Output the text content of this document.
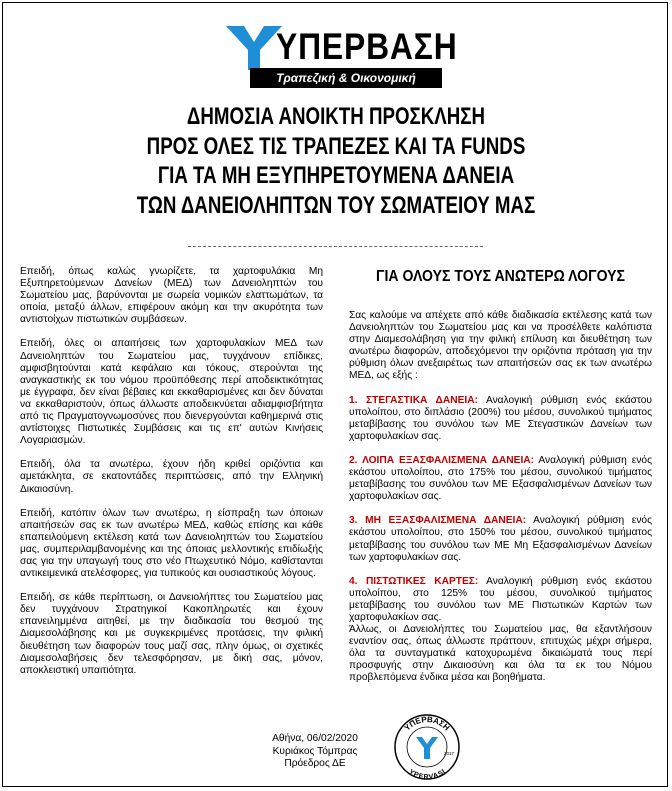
ΥΠΕΡΒΑΣΗ
Τραπεζική & Οικονομική Δικαιοσύνη
ΔΗΜΟΣΙΑ ΑΝΟΙΚΤΗ ΠΡΟΣΚΛΗΣΗ
ΠΡΟΣ ΟΛΕΣ ΤΙΣ ΤΡΑΠΕΖΕΣ ΚΑΙ ΤΑ FUNDS
ΓΙΑ ΤΑ ΜΗ ΕΞΥΠΗΡΕΤΟΥΜΕΝΑ ΔΑΝΕΙΑ
ΤΩΝ ΔΑΝΕΙΟΛΗΠΤΩΝ ΤΟΥ ΣΩΜΑΤΕΙΟΥ ΜΑΣ

Επειδή, όπως καλώς γνωρίζετε, τα χαρτοφυλάκια Μη Εξυπηρετούμενων Δανείων (ΜΕΔ) των Δανειοληπτών του Σωματείου μας, βαρύνονται με σωρεία νομικών ελαττωμάτων, τα οποία, μεταξύ άλλων, επιφέρουν ακόμη και την ακυρότητα των αντιστοίχων πιστωτικών συμβάσεων.

Επειδή, όλες οι απαιτήσεις των χαρτοφυλακίων ΜΕΔ των Δανειοληπτών του Σωματείου μας, τυγχάνουν επίδικες, αμφισβητούνται κατά κεφάλαιο και τόκους, στερούνται της αναγκαστικής εκ του νόμου προϋπόθεσης περί αποδεικτικότητας με έγγραφα, δεν είναι βέβαιες και εκκαθαρισμένες και δεν δύναται να εκκαθαριστούν, όπως άλλωστε αποδεικνύεται αδιαμφισβήτητα από τις Πραγματογνωμοσύνες που διενεργούνται καθημερινά στις αντίστοιχες Πιστωτικές Συμβάσεις και τις επ' αυτών Κινήσεις Λογαριασμών.

Επειδή, όλα τα ανωτέρω, έχουν ήδη κριθεί οριζόντια και αμετάκλητα, σε εκατοντάδες περιπτώσεις, από την Ελληνική Δικαιοσύνη.

Επειδή, κατόπιν όλων των ανωτέρω, η είσπραξη των όποιων απαιτήσεών σας εκ των ανωτέρω ΜΕΔ, καθώς επίσης και κάθε επαπειλούμενη εκτέλεση κατά των Δανειοληπτών του Σωματείου μας, συμπεριλαμβανομένης και της όποιας μελλοντικής επιδίωξής σας για την υπαγωγή τους στο νέο Πτωχευτικό Νόμο, καθίστανται αντικειμενικά ατελέσφορες, για τυπικούς και ουσιαστικούς λόγους.

Επειδή, σε κάθε περίπτωση, οι Δανειολήπτες του Σωματείου μας δεν τυγχάνουν Στρατηγικοί Κακοπληρωτές και έχουν επανειλημμένα αιτηθεί, με την διαδικασία του θεσμού της Διαμεσολάβησης και με συγκεκριμένες προτάσεις, την φιλική διευθέτηση των διαφορών τους μαζί σας, πλην όμως, οι σχετικές Διαμεσολαβήσεις δεν τελεσφόρησαν, με δική σας, μόνον, αποκλειστική υπαιτιότητα.

ΓΙΑ ΟΛΟΥΣ ΤΟΥΣ ΑΝΩΤΕΡΩ ΛΟΓΟΥΣ

Σας καλούμε να απέχετε από κάθε διαδικασία εκτέλεσης κατά των Δανειοληπτών του Σωματείου μας και να προσέλθετε καλόπιστα στην Διαμεσολάβηση για την φιλική επίλυση και διευθέτηση των ανωτέρω διαφορών, αποδεχόμενοι την οριζόντια πρόταση για την ρύθμιση όλων ανεξαιρέτως των απαιτήσεών σας εκ των ανωτέρω ΜΕΔ, ως εξής :

1. ΣΤΕΓΑΣΤΙΚΑ ΔΑΝΕΙΑ: Αναλογική ρύθμιση ενός εκάστου υπολοίπου, στο διπλάσιο (200%) του μέσου, συνολικού τιμήματος μεταβίβασης του συνόλου των ΜΕ Στεγαστικών Δανείων των χαρτοφυλακίων σας.

2. ΛΟΙΠΑ ΕΞΑΣΦΑΛΙΣΜΕΝΑ ΔΑΝΕΙΑ: Αναλογική ρύθμιση ενός εκάστου υπολοίπου, στο 175% του μέσου, συνολικού τιμήματος μεταβίβασης του συνόλου των ΜΕ Εξασφαλισμένων Δανείων των χαρτοφυλακίων σας.

3. ΜΗ ΕΞΑΣΦΑΛΙΣΜΕΝΑ ΔΑΝΕΙΑ: Αναλογική ρύθμιση ενός εκάστου υπολοίπου, στο 150% του μέσου, συνολικού τιμήματος μεταβίβασης του συνόλου των ΜΕ Μη Εξασφαλισμένων Δανείων των χαρτοφυλακίων σας.

4. ΠΙΣΤΩΤΙΚΕΣ ΚΑΡΤΕΣ: Αναλογική ρύθμιση ενός εκάστου υπολοίπου, στο 125% του μέσου, συνολικού τιμήματος μεταβίβασης του συνόλου των ΜΕ Πιστωτικών Καρτών των χαρτοφυλακίων σας.

Άλλως, οι Δανειολήπτες του Σωματείου μας, θα εξαντλήσουν εναντίον σας, όπως άλλωστε πράττουν, επιτυχώς μέχρι σήμερα, όλα τα συνταγματικά κατοχυρωμένα δικαιώματά τους περί προσφυγής στην Δικαιοσύνη και όλα τα εκ του Νόμου προβλεπόμενα ένδικα μέσα και βοηθήματα.

Αθήνα, 06/02/2020
Κυριάκος Τόμπρας
Πρόεδρος ΔΕ
ΥΠΕΡΒΑΣΗ
YPERVASI
2017
